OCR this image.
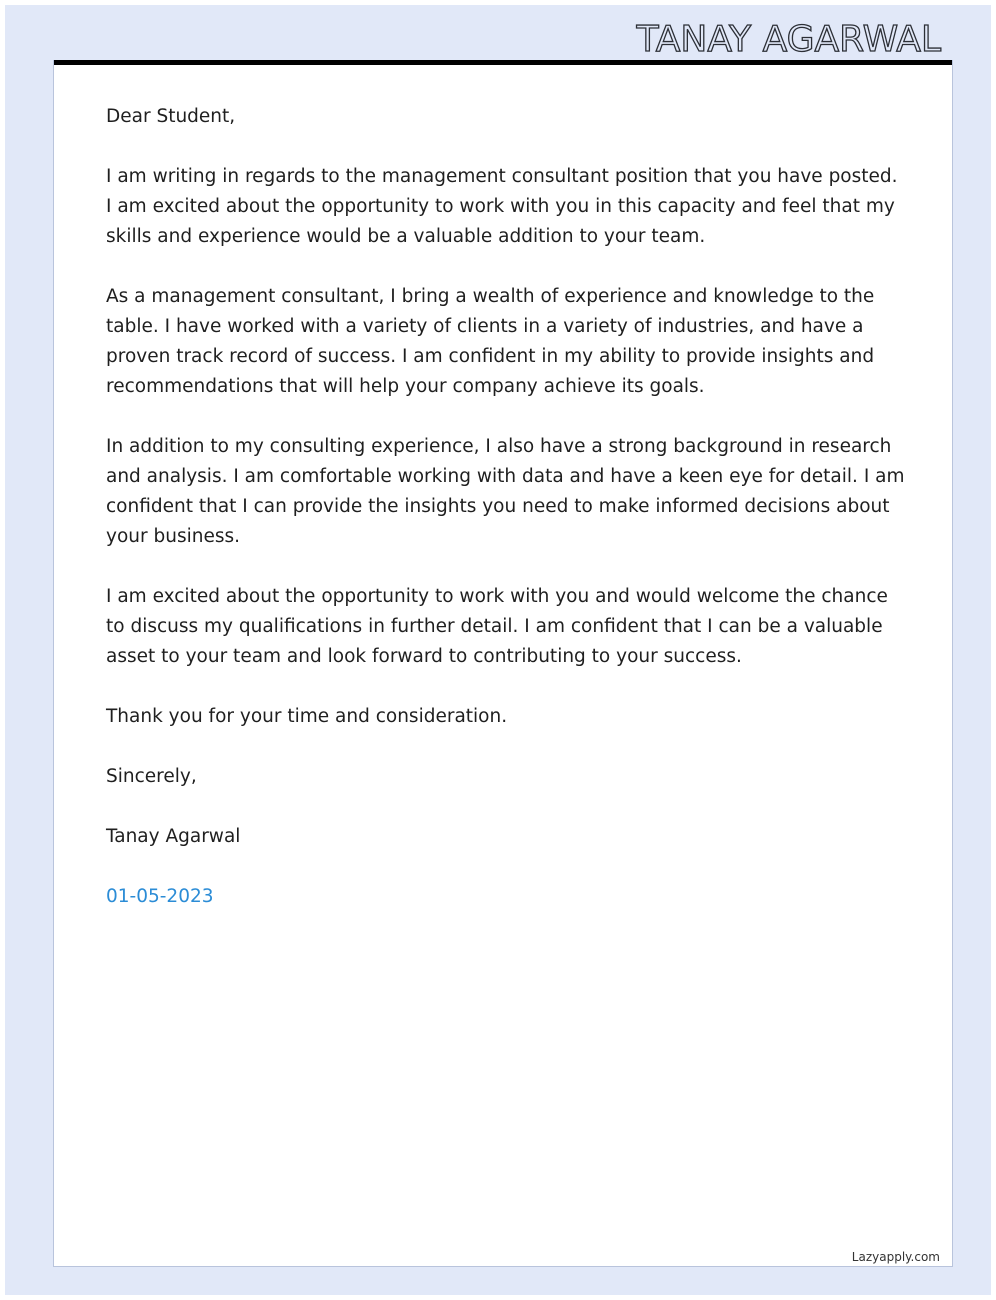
TANAY AGARWAL

Dear Student,

I am writing in regards to the management consultant position that you have posted. I am excited about the opportunity to work with you in this capacity and feel that my skills and experience would be a valuable addition to your team.

As a management consultant, I bring a wealth of experience and knowledge to the table. I have worked with a variety of clients in a variety of industries, and have a proven track record of success. I am confident in my ability to provide insights and recommendations that will help your company achieve its goals.

In addition to my consulting experience, I also have a strong background in research and analysis. I am comfortable working with data and have a keen eye for detail. I am confident that I can provide the insights you need to make informed decisions about your business.

I am excited about the opportunity to work with you and would welcome the chance to discuss my qualifications in further detail. I am confident that I can be a valuable asset to your team and look forward to contributing to your success.

Thank you for your time and consideration.

Sincerely,

Tanay Agarwal

01-05-2023

Lazyapply.com
